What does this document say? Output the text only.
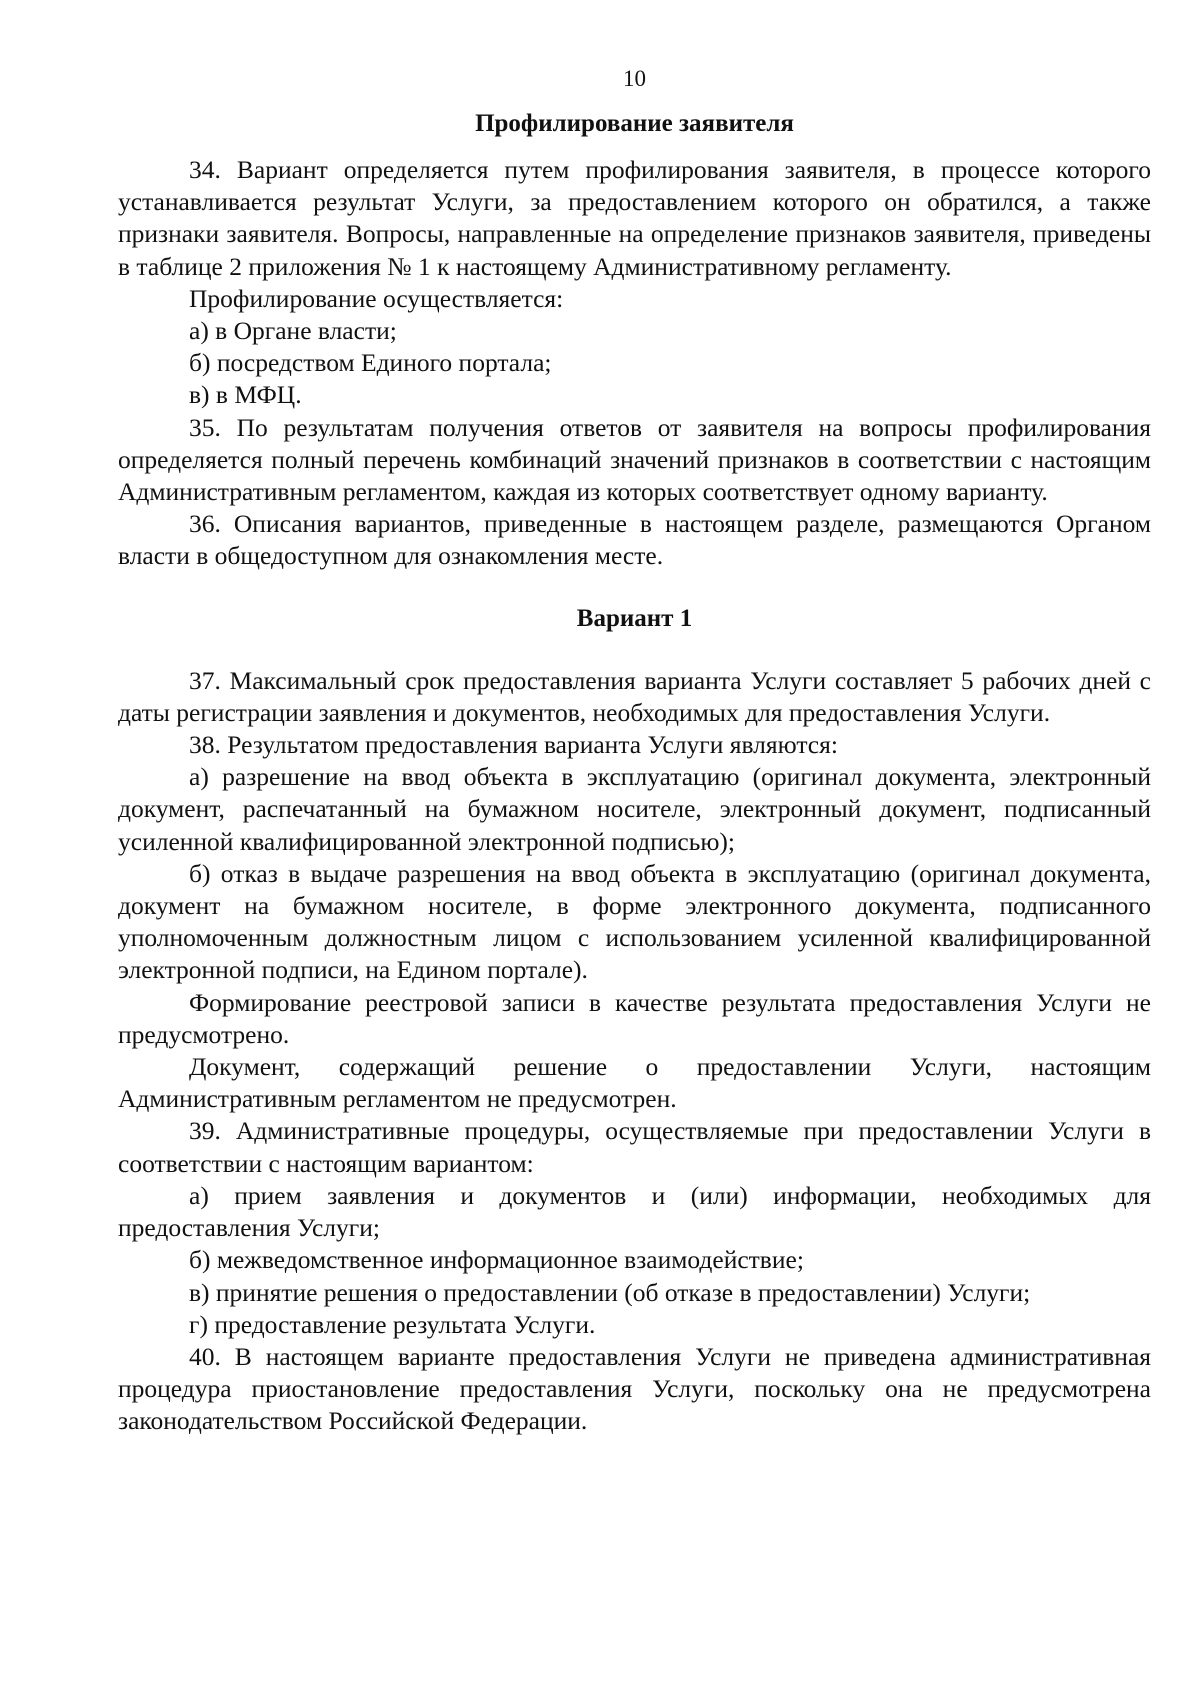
10
Профилирование заявителя

34. Вариант определяется путем профилирования заявителя, в процессе которого устанавливается результат Услуги, за предоставлением которого он обратился, а также признаки заявителя. Вопросы, направленные на определение признаков заявителя, приведены в таблице 2 приложения № 1 к настоящему Административному регламенту.

Профилирование осуществляется:

а) в Органе власти;

б) посредством Единого портала;

в) в МФЦ.

35. По результатам получения ответов от заявителя на вопросы профилирования определяется полный перечень комбинаций значений признаков в соответствии с настоящим Административным регламентом, каждая из которых соответствует одному варианту.

36. Описания вариантов, приведенные в настоящем разделе, размещаются Органом власти в общедоступном для ознакомления месте.

Вариант 1

37. Максимальный срок предоставления варианта Услуги составляет 5 рабочих дней с даты регистрации заявления и документов, необходимых для предоставления Услуги.

38. Результатом предоставления варианта Услуги являются:

а) разрешение на ввод объекта в эксплуатацию (оригинал документа, электронный документ, распечатанный на бумажном носителе, электронный документ, подписанный усиленной квалифицированной электронной подписью);

б) отказ в выдаче разрешения на ввод объекта в эксплуатацию (оригинал документа, документ на бумажном носителе, в форме электронного документа, подписанного уполномоченным должностным лицом с использованием усиленной квалифицированной электронной подписи, на Едином портале).

Формирование реестровой записи в качестве результата предоставления Услуги не предусмотрено.

Документ, содержащий решение о предоставлении Услуги, настоящим Административным регламентом не предусмотрен.

39. Административные процедуры, осуществляемые при предоставлении Услуги в соответствии с настоящим вариантом:

а) прием заявления и документов и (или) информации, необходимых для предоставления Услуги;

б) межведомственное информационное взаимодействие;

в) принятие решения о предоставлении (об отказе в предоставлении) Услуги;

г) предоставление результата Услуги.

40. В настоящем варианте предоставления Услуги не приведена административная процедура приостановление предоставления Услуги, поскольку она не предусмотрена законодательством Российской Федерации.
